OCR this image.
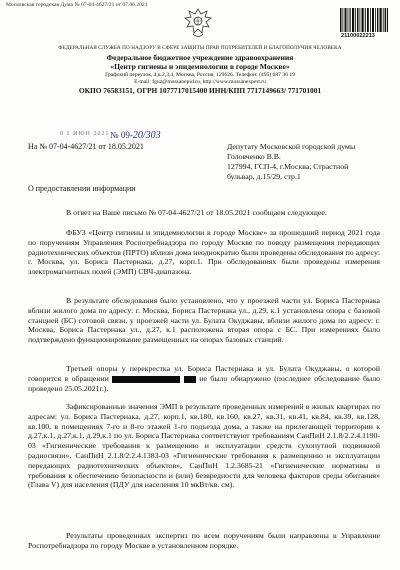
Московская городская Дума № 07-04-4627/21 от 07.06.2021
21100022213
ФЕДЕРАЛЬНАЯ СЛУЖБА ПО НАДЗОРУ В СФЕРЕ ЗАЩИТЫ ПРАВ ПОТРЕБИТЕЛЕЙ И БЛАГОПОЛУЧИЯ ЧЕЛОВЕКА
Федеральное бюджетное учреждение здравоохранения
«Центр гигиены и эпидемиологии в городе Москве»
Графский переулок, 4,к.2,3,4, Москва, Россия, 129626. Телефон: (495) 687 36 19
E-mail: fguz@mossanepid.ru, http://www.mossanexpert.ru
ОКПО 76583151, ОГРН 1077717015400 ИНН/КПП 7717149663/ 771701001
0 1 ИЮН 2021 № 09-20/303
На № 07-04-4627/21 от 18.05.2021	Депутату Московской городской думы
Головченко В.В.
127994, ГСП-4, г.Москва, Страстной
бульвар, д.15/29, стр.1
О предоставлении информации
В ответ на Ваше письмо № 07-04-4627/21 от 18.05.2021 сообщаем следующее.
ФБУЗ «Центр гигиены и эпидемиологии в городе Москве» за прошедший период 2021 года по поручениям Управления Роспотребнадзора по городу Москве по поводу размещения передающих радиотехнических объектов (ПРТО) вблизи дома неоднократно были проведены обследования по адресу: г. Москва, ул. Бориса Пастернака, д.27, корп.1. При обследованиях были проведены измерения электромагнитных полей (ЭМП) СВЧ-диапазона.
В результате обследования было установлено, что у проезжей части ул. Бориса Пастернака вблизи жилого дома по адресу: г. Москва, Бориса Пастернака ул., д.29, к.1 установлена опора с базовой станцией (БС) сотовой связи, у проезжей части ул. Булата Окуджавы, вблизи жилого дома по адресу: г. Москва, Бориса Пастернака ул., д.27, к.1 расположена вторая опора с БС. При измерениях было подтверждено функционирование размещенных на опорах базовых станций.
Третьей опоры у перекрестка ул. Бориса Пастернака и ул. Булата Окуджавы, о которой говорится в обращении	не было обнаружено (последнее обследование было проведено 25.05.2021г.).
Зафиксированные значения ЭМП в результате проведенных измерений в жилых квартирах по адресам: ул. Бориса Пастернака, д.27, корп.1, кв.180, кв.160, кв.27, кв.31, кв.41, кв.84, кв.39, кв.128, кв.100, в помещениях 7-го и 8-го этажей 1-го подъезда дома, а также на прилегающей территории к д.27,к.1, д.27,к.1, д.29,к.1 по ул. Бориса Пастернака соответствуют требованиям СанПиН 2.1.8/2.2.4.1190-03 «Гигиенические требования к размещению и эксплуатации средств сухопутной подвижной радиосвязи», СанПиН 2.1.8/2.2.4.1383-03 «Гигиенические требования к размещению и эксплуатации передающих радиотехнических объектов», СанПиН 1.2.3685-21 «Гигиенические нормативы и требования к обеспечению безопасности и (или) безвредности для человека факторов среды обитания» (Глава V) для населения (ПДУ для населения 10 мкВт/кв. см).
Результаты проведенных экспертиз по всем поручениям были направлены в Управление Роспотребнадзора по городу Москве в установленном порядке.
